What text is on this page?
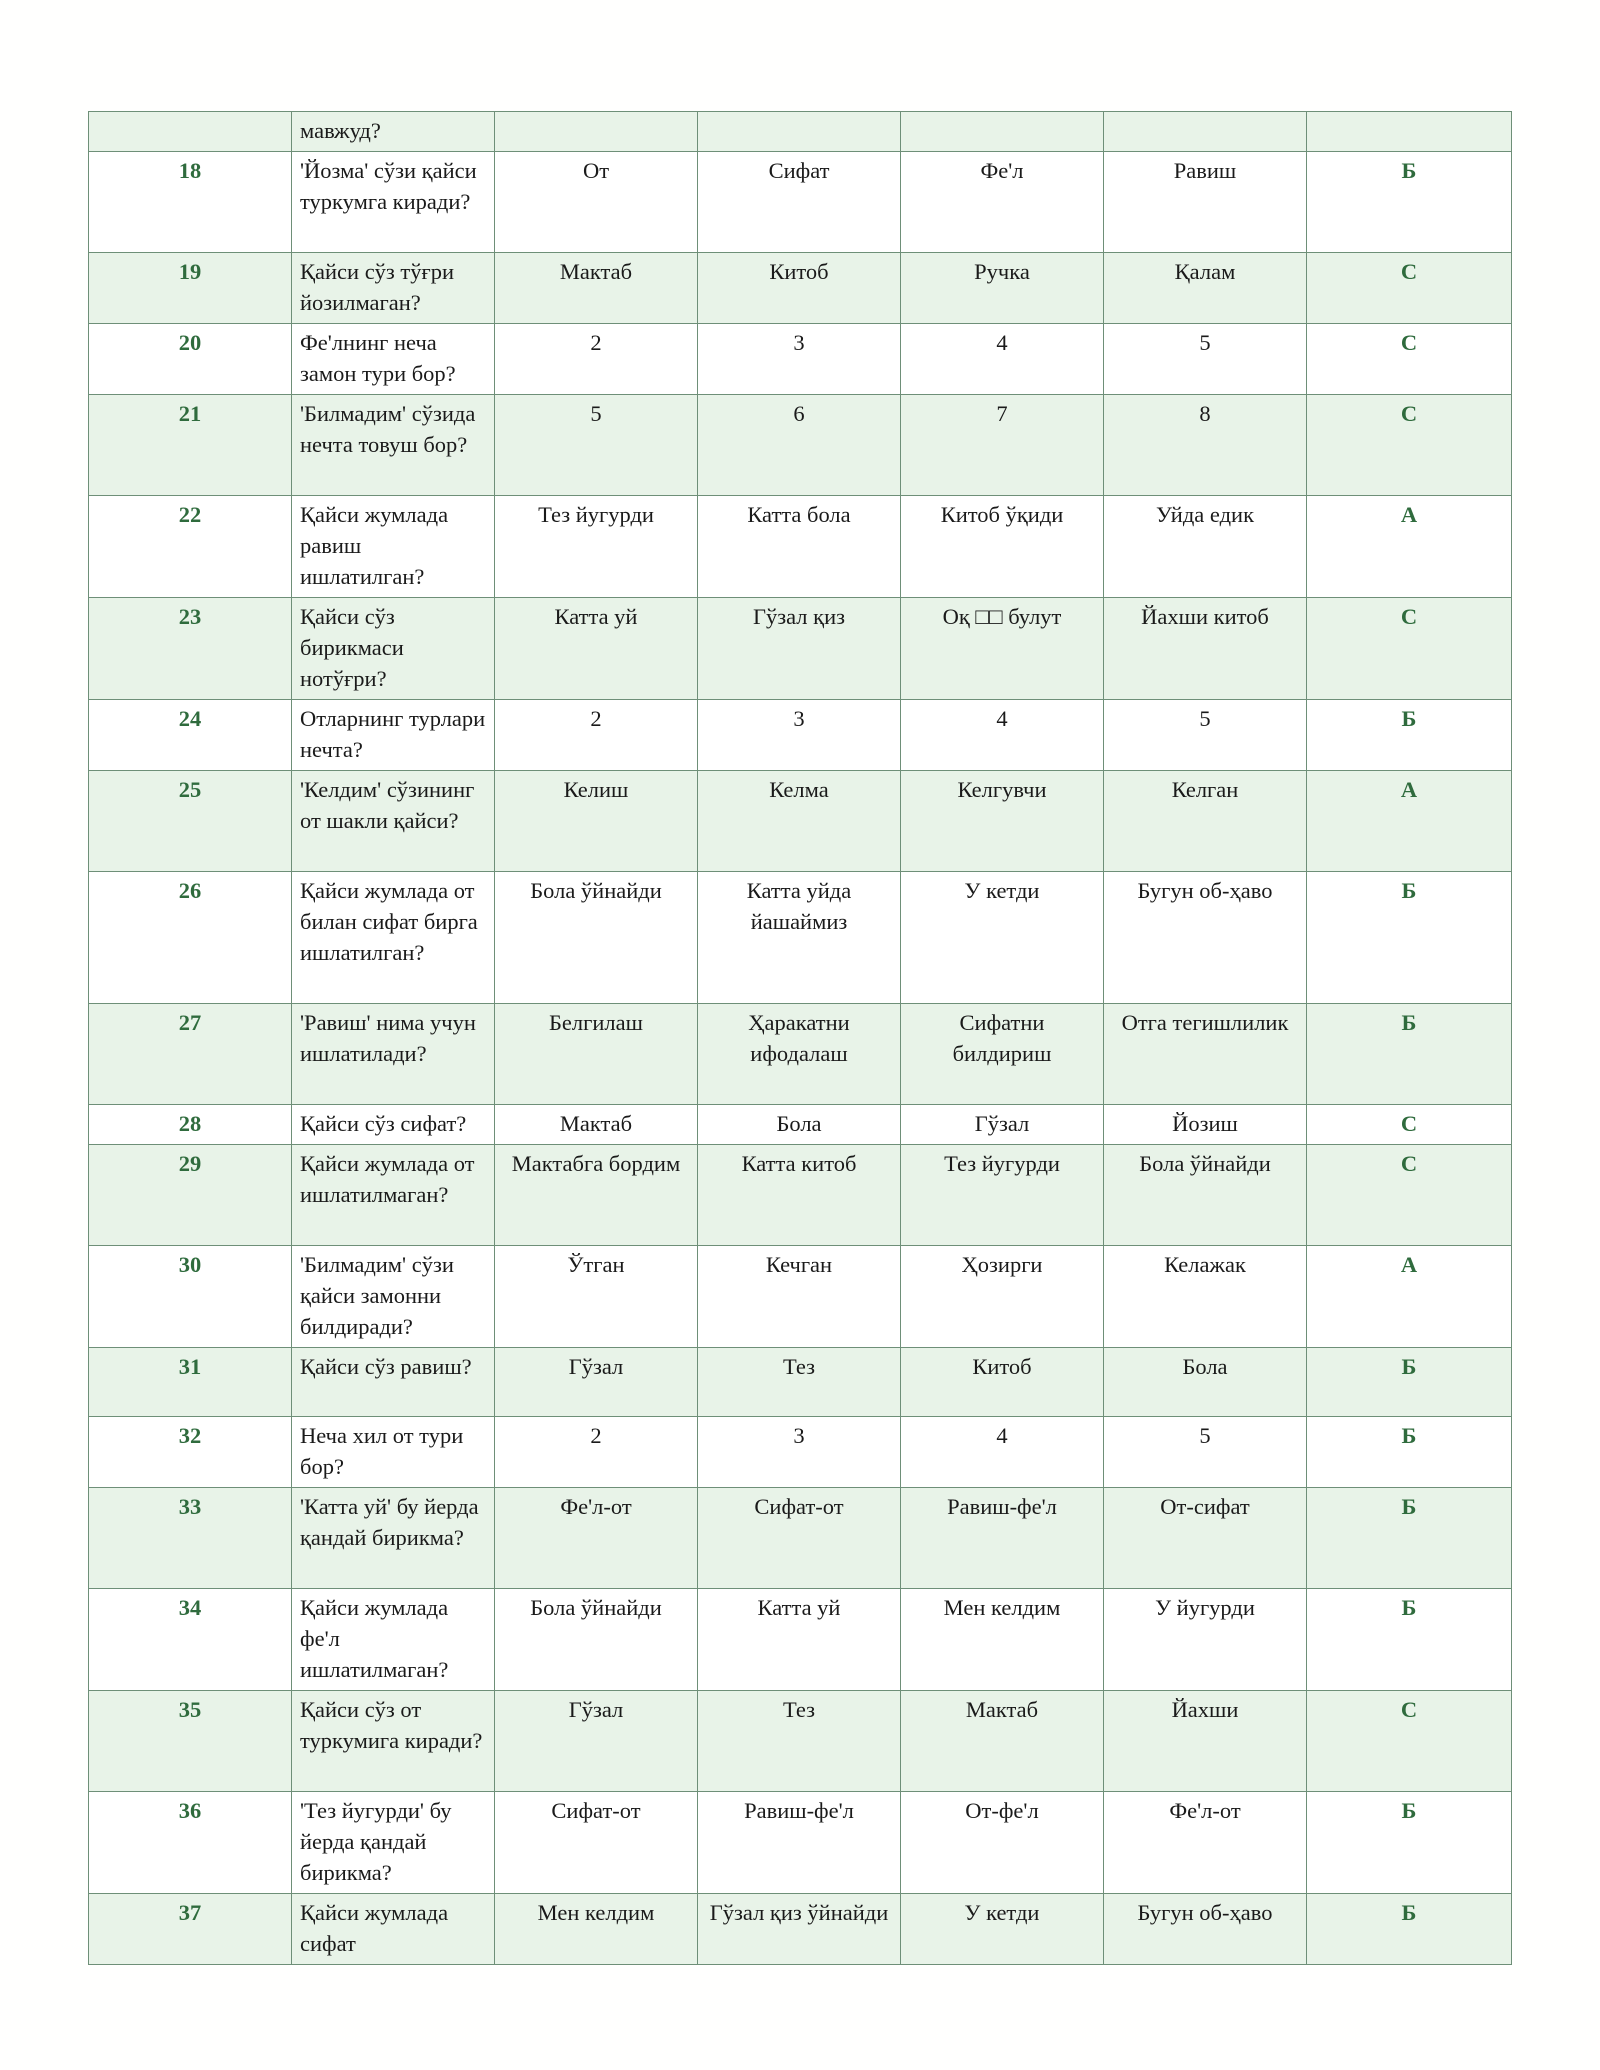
	мавжуд?					
18	'Йозма' сўзи қайси туркумга киради?	От	Сифат	Фе'л	Равиш	Б
19	Қайси сўз тўғри йозилмаган?	Мактаб	Китоб	Ручка	Қалам	С
20	Фе'лнинг неча замон тури бор?	2	3	4	5	С
21	'Билмадим' сўзида нечта товуш бор?	5	6	7	8	С
22	Қайси жумлада равиш ишлатилган?	Тез йугурди	Катта бола	Китоб ўқиди	Уйда едик	А
23	Қайси сўз бирикмаси нотўғри?	Катта уй	Гўзал қиз	Оқ □□ булут	Йахши китоб	С
24	Отларнинг турлари нечта?	2	3	4	5	Б
25	'Келдим' сўзининг от шакли қайси?	Келиш	Келма	Келгувчи	Келган	А
26	Қайси жумлада от билан сифат бирга ишлатилган?	Бола ўйнайди	Катта уйда йашаймиз	У кетди	Бугун об-ҳаво	Б
27	'Равиш' нима учун ишлатилади?	Белгилаш	Ҳаракатни ифодалаш	Сифатни билдириш	Отга тегишлилик	Б
28	Қайси сўз сифат?	Мактаб	Бола	Гўзал	Йозиш	С
29	Қайси жумлада от ишлатилмаган?	Мактабга бордим	Катта китоб	Тез йугурди	Бола ўйнайди	С
30	'Билмадим' сўзи қайси замонни билдиради?	Ўтган	Кечган	Ҳозирги	Келажак	А
31	Қайси сўз равиш?	Гўзал	Тез	Китоб	Бола	Б
32	Неча хил от тури бор?	2	3	4	5	Б
33	'Катта уй' бу йерда қандай бирикма?	Фе'л-от	Сифат-от	Равиш-фе'л	От-сифат	Б
34	Қайси жумлада фе'л ишлатилмаган?	Бола ўйнайди	Катта уй	Мен келдим	У йугурди	Б
35	Қайси сўз от туркумига киради?	Гўзал	Тез	Мактаб	Йахши	С
36	'Тез йугурди' бу йерда қандай бирикма?	Сифат-от	Равиш-фе'л	От-фе'л	Фе'л-от	Б
37	Қайси жумлада сифат	Мен келдим	Гўзал қиз ўйнайди	У кетди	Бугун об-ҳаво	Б
